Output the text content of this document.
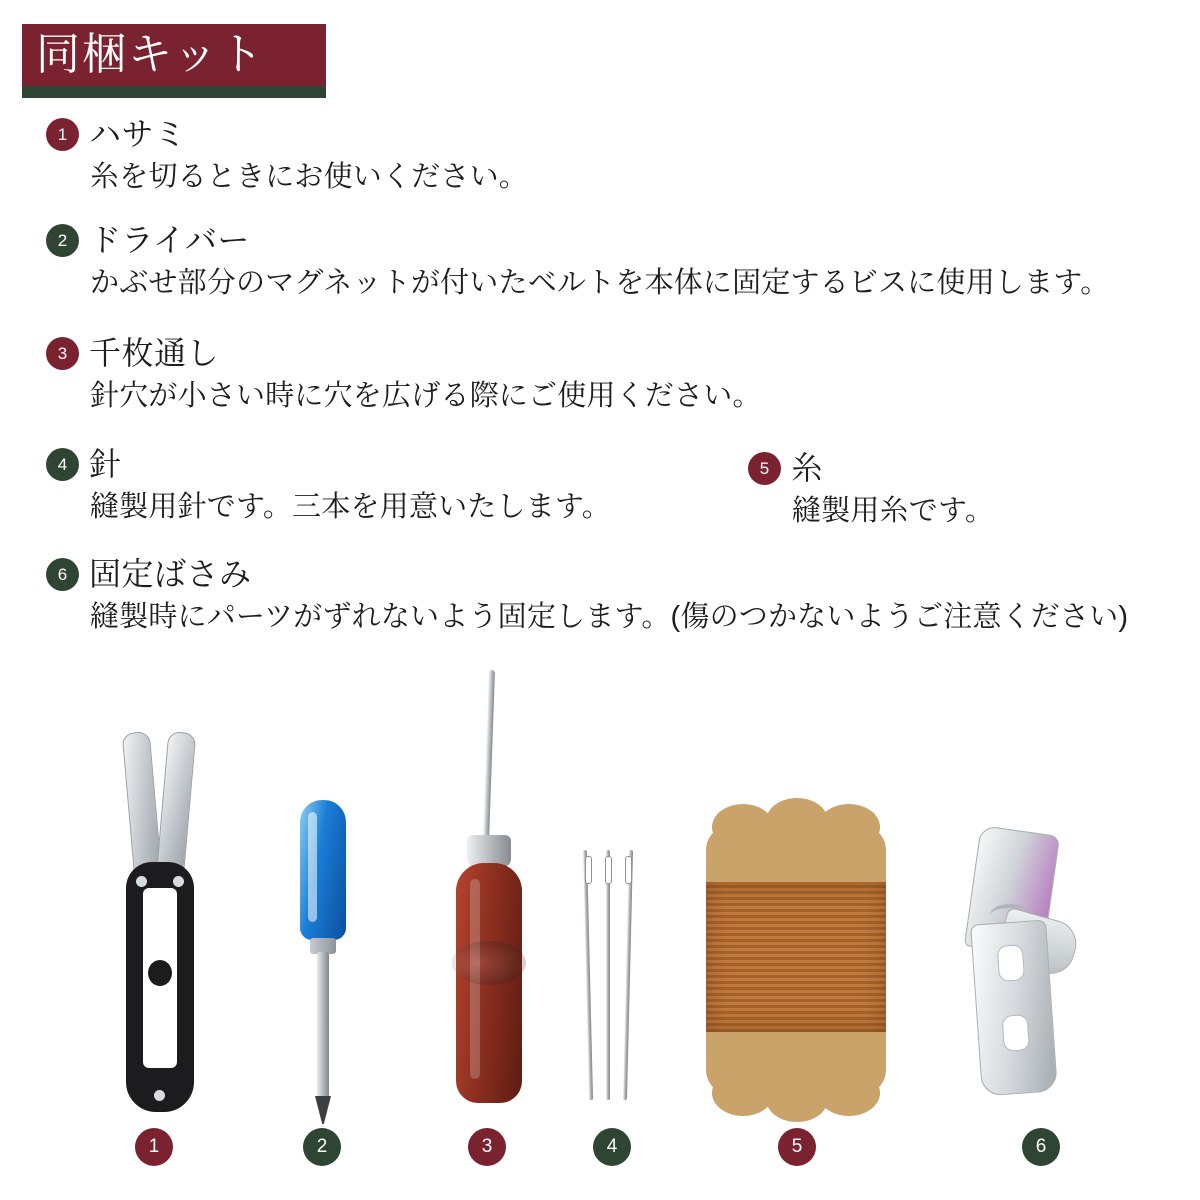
同梱キット
1 ハサミ
糸を切るときにお使いください。
2 ドライバー
かぶせ部分のマグネットが付いたベルトを本体に固定するビスに使用します。
3 千枚通し
針穴が小さい時に穴を広げる際にご使用ください。
4 針
縫製用針です。三本を用意いたします。
5 糸
縫製用糸です。
6 固定ばさみ
縫製時にパーツがずれないよう固定します。(傷のつかないようご注意ください)
1	2	3	4	5	6
